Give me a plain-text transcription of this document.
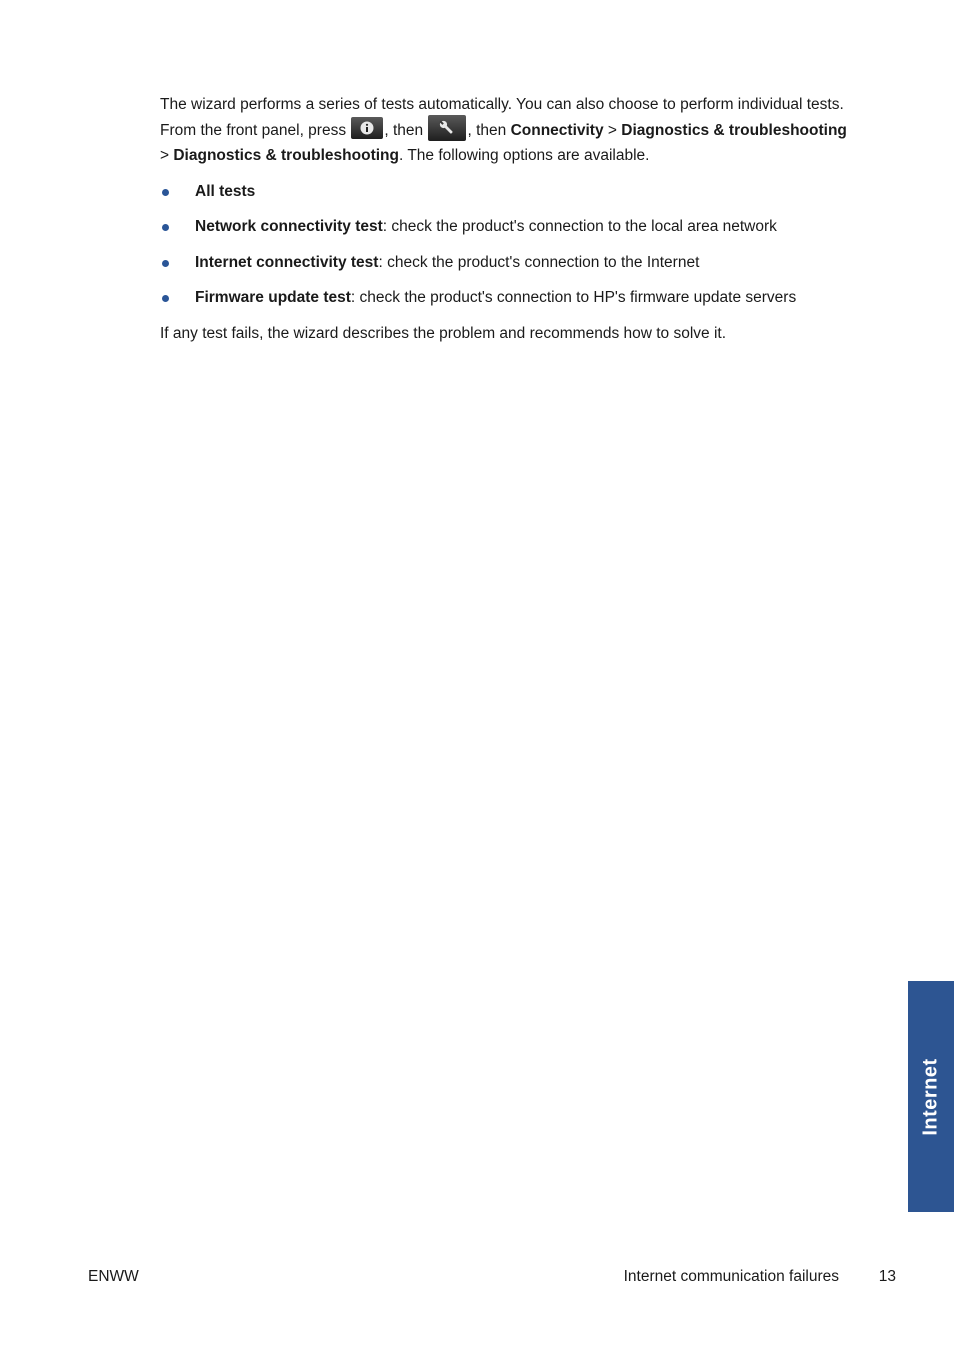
The wizard performs a series of tests automatically. You can also choose to perform individual tests.
From the front panel, press
, then	, then Connectivity > Diagnostics & troubleshooting
> Diagnostics & troubleshooting. The following options are available.

All tests
Network connectivity test: check the product's connection to the local area network
Internet connectivity test: check the product's connection to the Internet
Firmware update test: check the product's connection to HP's firmware update servers

If any test fails, the wizard describes the problem and recommends how to solve it.

Internet
ENWW	Internet communication failures	13
